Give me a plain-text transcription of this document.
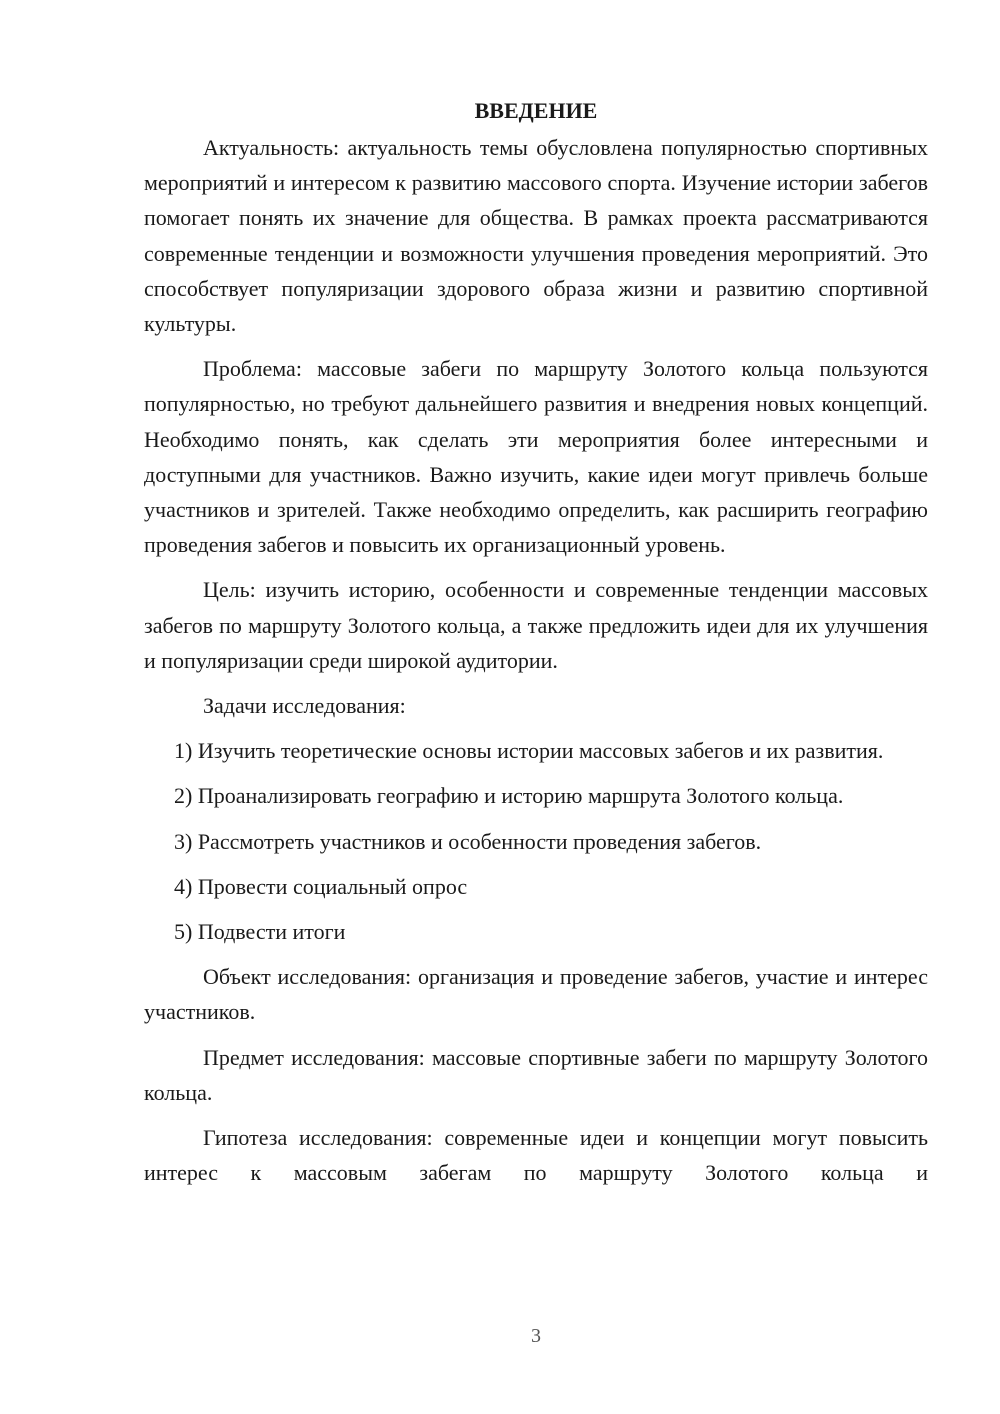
ВВЕДЕНИЕ

Актуальность: актуальность темы обусловлена популярностью спортивных мероприятий и интересом к развитию массового спорта. Изучение истории забегов помогает понять их значение для общества. В рамках проекта рассматриваются современные тенденции и возможности улучшения проведения мероприятий. Это способствует популяризации здорового образа жизни и развитию спортивной культуры.

Проблема: массовые забеги по маршруту Золотого кольца пользуются популярностью, но требуют дальнейшего развития и внедрения новых концепций. Необходимо понять, как сделать эти мероприятия более интересными и доступными для участников. Важно изучить, какие идеи могут привлечь больше участников и зрителей. Также необходимо определить, как расширить географию проведения забегов и повысить их организационный уровень.

Цель: изучить историю, особенности и современные тенденции массовых забегов по маршруту Золотого кольца, а также предложить идеи для их улучшения и популяризации среди широкой аудитории.

Задачи исследования:

1) Изучить теоретические основы истории массовых забегов и их развития.

2) Проанализировать географию и историю маршрута Золотого кольца.

3) Рассмотреть участников и особенности проведения забегов.

4) Провести социальный опрос

5) Подвести итоги

Объект исследования: организация и проведение забегов, участие и интерес участников.

Предмет исследования: массовые спортивные забеги по маршруту Золотого кольца.

Гипотеза исследования: современные идеи и концепции могут повысить интерес к массовым забегам по маршруту Золотого кольца и

3
